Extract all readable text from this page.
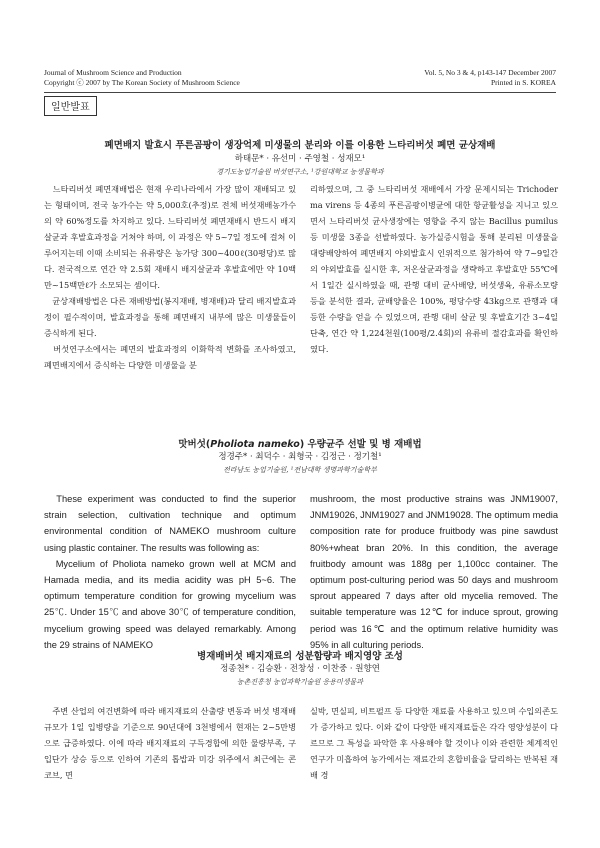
Journal of Mushroom Science and Production
Copyright ⓒ 2007 by The Korean Society of Mushroom Science
Vol. 5, No 3 & 4, p143-147 December 2007
Printed in S. KOREA
일반발표
폐면배지 발효시 푸른곰팡이 생장억제 미생물의 분리와 이를 이용한 느타리버섯 폐면 균상재배
하태문* · 유선미 · 주영철 · 성재모¹
경기도농업기술원 버섯연구소, ¹강원대학교 농생물학과

　느타리버섯 폐면재배법은 현재 우리나라에서 가장 많이 재배되고 있는 형태이며, 전국 농가수는 약 5,000호(추정)로 전체 버섯재배농가수의 약 60%정도를 차지하고 있다. 느타리버섯 폐면재배시 반드시 배지살균과 후발효과정을 거쳐야 하며, 이 과정은 약 5~7일 정도에 걸쳐 이루어지는데 이때 소비되는 유류량은 농가당 300~400ℓ(30평당)로 많다. 전국적으로 연간 약 2.5회 재배시 배지살균과 후발효에만 약 10백만~15백만ℓ가 소모되는 셈이다.

　균상재배방법은 다른 재배방법(봉지재배, 병재배)과 달리 배지발효과정이 필수적이며, 발효과정을 통해 폐면배지 내부에 많은 미생물들이 증식하게 된다.

　버섯연구소에서는 폐면의 발효과정의 이화학적 변화를 조사하였고, 폐면배지에서 증식하는 다양한 미생물을 분

리하였으며, 그 중 느타리버섯 재배에서 가장 문제시되는 Trichoderma virens 등 4종의 푸른곰팡이병균에 대한 항균활성을 지니고 있으면서 느타리버섯 균사생장에는 영향을 주지 않는 Bacillus pumilus 등 미생물 3종을 선발하였다. 농가실증시험을 통해 분리된 미생물을 대량배양하여 폐면배지 야외발효시 인위적으로 첨가하여 약 7~9일간의 야외발효를 실시한 후, 저온살균과정을 생략하고 후발효만 55℃에서 1일간 실시하였을 때, 관행 대비 균사배양, 버섯생육, 유류소모량 등을 분석한 결과, 균배양율은 100%, 평당수량 43kg으로 관행과 대등한 수량을 얻을 수 있었으며, 관행 대비 살균 및 후발효기간 3~4일 단축, 연간 약 1,224천원(100평/2.4회)의 유류비 절감효과를 확인하였다.

맛버섯(Pholiota nameko) 우량균주 선발 및 병 재배법
정경주* · 최덕수 · 최형국 · 김정근 · 정기철¹
전라남도 농업기술원, ¹전남대학 생명과학기술학부

　These experiment was conducted to find the superior strain selection, cultivation technique and optimum environmental condition of NAMEKO mushroom culture using plastic container. The results was following as:

　Mycelium of Pholiota nameko grown well at MCM and Hamada media, and its media acidity was pH 5~6. The optimum temperature condition for growing mycelium was 25℃. Under 15℃ and above 30℃ of temperature condition, mycelium growing speed was delayed remarkably. Among the 29 strains of NAMEKO

mushroom, the most productive strains was JNM19007, JNM19026, JNM19027 and JNM19028. The optimum media composition rate for produce fruitbody was pine sawdust 80%+wheat bran 20%. In this condition, the average fruitbody amount was 188g per 1,100cc container. The optimum post-culturing period was 50 days and mushroom sprout appeared 7 days after old mycelia removed. The suitable temperature was 12℃ for induce sprout, growing period was 16℃ and the optimum relative humidity was 95% in all culturing periods.

병재배버섯 배지재료의 성분함량과 배지영양 조성
정종천* · 김승환 · 전창성 · 이찬중 · 원향연
농촌진흥청 농업과학기술원 응용미생물과

　주변 산업의 여건변화에 따라 배지재료의 산출량 변동과 버섯 병재배 규모가 1일 입병량을 기준으로 90년대에 3천병에서 현재는 2~5만병으로 급증하였다. 이에 따라 배지재료의 구득경합에 의한 물량부족, 구입단가 상승 등으로 인하여 기존의 톱밥과 미강 위주에서 최근에는 콘코브, 면

실박, 면실피, 비트펄프 등 다양한 재료를 사용하고 있으며 수입의존도가 증가하고 있다. 이와 같이 다양한 배지재료들은 각각 영양성분이 다르므로 그 특성을 파악한 후 사용해야 할 것이나 이와 관련한 체계적인 연구가 미흡하여 농가에서는 재료간의 혼합비율을 달리하는 반복된 재배 경
